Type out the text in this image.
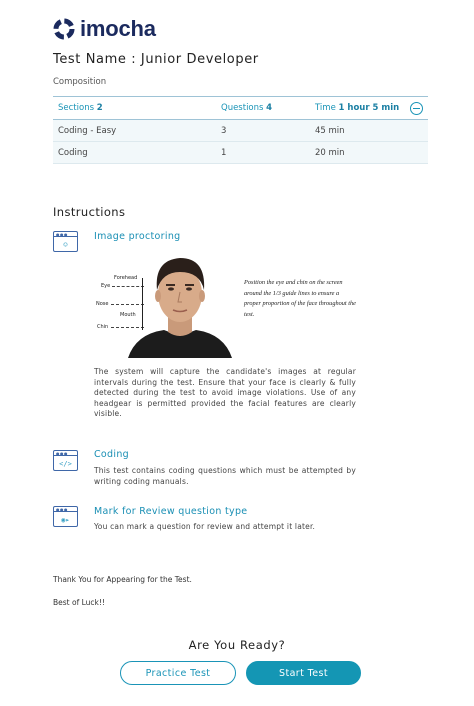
imocha
Test Name : Junior Developer
Composition
Sections 2	Questions 4	Time 1 hour 5 min
Coding - Easy	3	45 min
Coding	1	20 min
Instructions
●●●
☺
Image proctoring
Forehead
Eye
Nose
Mouth
Chin
Position the eye and chin on the screen around the 1/3 guide lines to ensure a proper proportion of the face throughout the test.
The system will capture the candidate's images at regular intervals during the test. Ensure that your face is clearly & fully detected during the test to avoid image violations. Use of any headgear is permitted provided the facial features are clearly visible.
●●●
</>
Coding
This test contains coding questions which must be attempted by writing coding manuals.
●●●
◉▸
Mark for Review question type
You can mark a question for review and attempt it later.
Thank You for Appearing for the Test.
Best of Luck!!
Are You Ready?
Practice Test	Start Test
